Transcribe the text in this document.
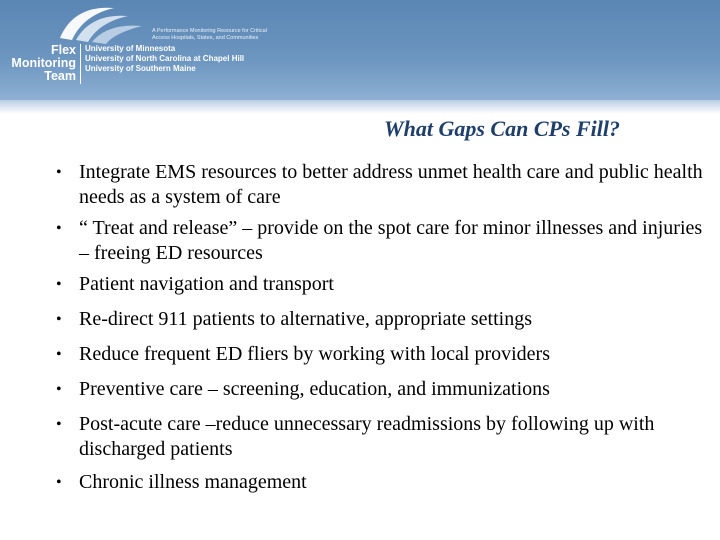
A Performance Monitoring Resource for Critical Access Hospitals, States, and Communities
Flex
Monitoring
Team
University of Minnesota
University of North Carolina at Chapel Hill
University of Southern Maine
What Gaps Can CPs Fill?
• Integrate EMS resources to better address unmet health care and public health needs as a system of care
• “ Treat and release” – provide on the spot care for minor illnesses and injuries – freeing ED resources
• Patient navigation and transport
• Re-direct 911 patients to alternative, appropriate settings
• Reduce frequent ED fliers by working with local providers
• Preventive care – screening, education, and immunizations
• Post-acute care –reduce unnecessary readmissions by following up with discharged patients
• Chronic illness management
